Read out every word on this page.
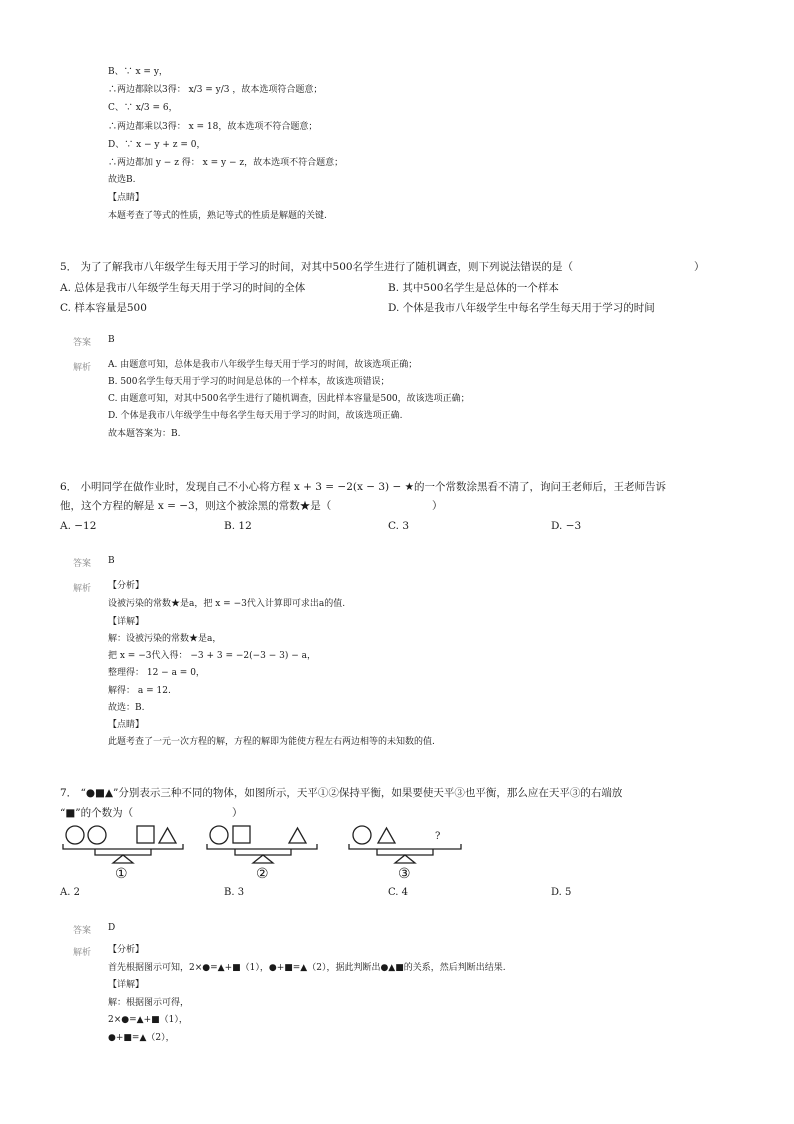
B、∵ x = y，
∴两边都除以3得： x/3 = y/3 ，故本选项符合题意；
C、∵ x/3 = 6，
∴两边都乘以3得： x = 18，故本选项不符合题意；
D、∵ x − y + z = 0，
∴两边都加 y − z 得： x = y − z，故本选项不符合题意；
故选B.
【点睛】
本题考查了等式的性质，熟记等式的性质是解题的关键.
5． 为了了解我市八年级学生每天用于学习的时间，对其中500名学生进行了随机调查，则下列说法错误的是（	）
A. 总体是我市八年级学生每天用于学习的时间的全体	B. 其中500名学生是总体的一个样本
C. 样本容量是500	D. 个体是我市八年级学生中每名学生每天用于学习的时间
答案 B
解析 A. 由题意可知，总体是我市八年级学生每天用于学习的时间，故该选项正确；
B. 500名学生每天用于学习的时间是总体的一个样本，故该选项错误；
C. 由题意可知，对其中500名学生进行了随机调查，因此样本容量是500，故该选项正确；
D. 个体是我市八年级学生中每名学生每天用于学习的时间，故该选项正确.
故本题答案为：B.
6． 小明同学在做作业时，发现自己不小心将方程 x + 3 = −2(x − 3) − ★的一个常数涂黑看不清了，询问王老师后，王老师告诉
他，这个方程的解是 x = −3，则这个被涂黑的常数★是（	）
A. −12	B. 12	C. 3	D. −3
答案 B
解析 【分析】
设被污染的常数★是a，把 x = −3代入计算即可求出a的值.
【详解】
解：设被污染的常数★是a，
把 x = −3代入得： −3 + 3 = −2(−3 − 3) − a，
整理得： 12 − a = 0，
解得： a = 12.
故选：B.
【点睛】
此题考查了一元一次方程的解，方程的解即为能使方程左右两边相等的未知数的值.
7． “●■▲”分别表示三种不同的物体，如图所示，天平①②保持平衡，如果要使天平③也平衡，那么应在天平③的右端放
“■”的个数为（	）
?
①	②	③
A. 2	B. 3	C. 4	D. 5
答案 D
解析 【分析】
首先根据图示可知，2×●=▲+■（1），●+■=▲（2），据此判断出●▲■的关系，然后判断出结果.
【详解】
解：根据图示可得，
2×●=▲+■（1），
●+■=▲（2），
